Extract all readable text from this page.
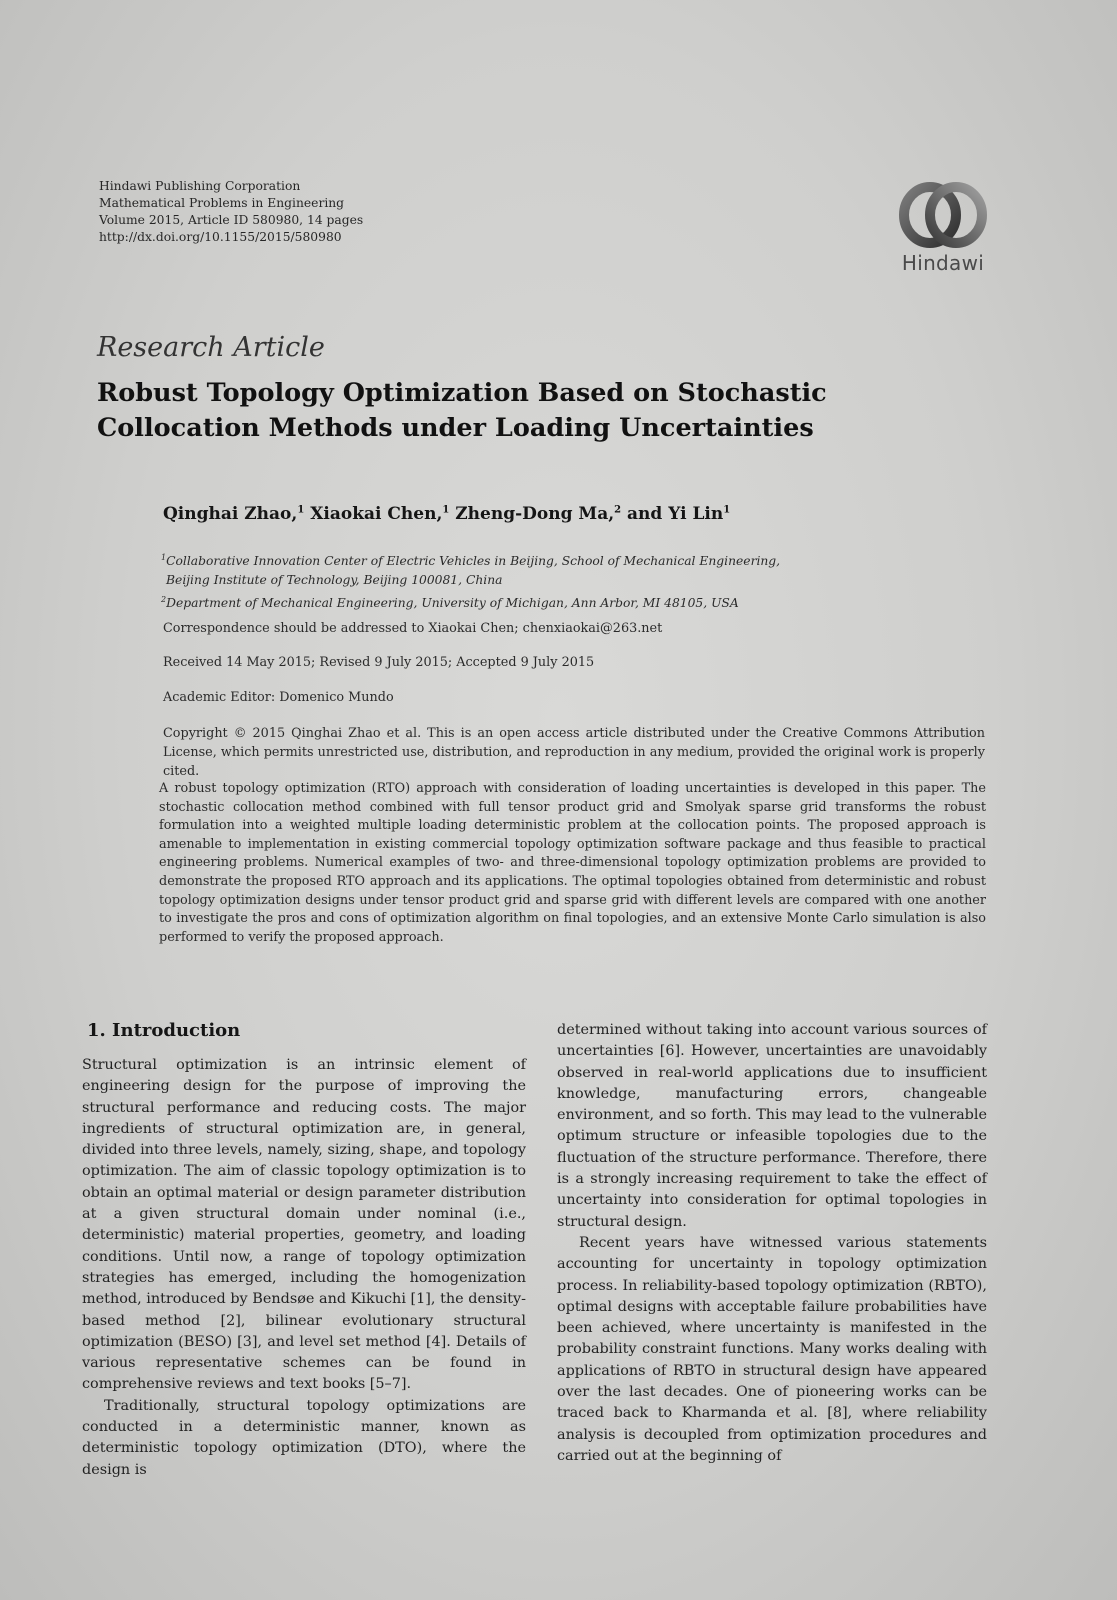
Hindawi Publishing Corporation
Mathematical Problems in Engineering
Volume 2015, Article ID 580980, 14 pages
http://dx.doi.org/10.1155/2015/580980
Hindawi
Research Article
Robust Topology Optimization Based on Stochastic Collocation Methods under Loading Uncertainties
Qinghai Zhao,$^1$ Xiaokai Chen,$^1$ Zheng-Dong Ma,$^2$ and Yi Lin$^1$
$^1$Collaborative Innovation Center of Electric Vehicles in Beijing, School of Mechanical Engineering,
Beijing Institute of Technology, Beijing 100081, China
$^2$Department of Mechanical Engineering, University of Michigan, Ann Arbor, MI 48105, USA
Correspondence should be addressed to Xiaokai Chen; chenxiaokai@263.net
Received 14 May 2015; Revised 9 July 2015; Accepted 9 July 2015
Academic Editor: Domenico Mundo
Copyright © 2015 Qinghai Zhao et al. This is an open access article distributed under the Creative Commons Attribution License, which permits unrestricted use, distribution, and reproduction in any medium, provided the original work is properly cited.
A robust topology optimization (RTO) approach with consideration of loading uncertainties is developed in this paper. The stochastic collocation method combined with full tensor product grid and Smolyak sparse grid transforms the robust formulation into a weighted multiple loading deterministic problem at the collocation points. The proposed approach is amenable to implementation in existing commercial topology optimization software package and thus feasible to practical engineering problems. Numerical examples of two- and three-dimensional topology optimization problems are provided to demonstrate the proposed RTO approach and its applications. The optimal topologies obtained from deterministic and robust topology optimization designs under tensor product grid and sparse grid with different levels are compared with one another to investigate the pros and cons of optimization algorithm on final topologies, and an extensive Monte Carlo simulation is also performed to verify the proposed approach.
1. Introduction

Structural optimization is an intrinsic element of engineering design for the purpose of improving the structural performance and reducing costs. The major ingredients of structural optimization are, in general, divided into three levels, namely, sizing, shape, and topology optimization. The aim of classic topology optimization is to obtain an optimal material or design parameter distribution at a given structural domain under nominal (i.e., deterministic) material properties, geometry, and loading conditions. Until now, a range of topology optimization strategies has emerged, including the homogenization method, introduced by Bendsøe and Kikuchi [1], the density-based method [2], bilinear evolutionary structural optimization (BESO) [3], and level set method [4]. Details of various representative schemes can be found in comprehensive reviews and text books [5–7].

Traditionally, structural topology optimizations are conducted in a deterministic manner, known as deterministic topology optimization (DTO), where the design is

determined without taking into account various sources of uncertainties [6]. However, uncertainties are unavoidably observed in real-world applications due to insufficient knowledge, manufacturing errors, changeable environment, and so forth. This may lead to the vulnerable optimum structure or infeasible topologies due to the fluctuation of the structure performance. Therefore, there is a strongly increasing requirement to take the effect of uncertainty into consideration for optimal topologies in structural design.

Recent years have witnessed various statements accounting for uncertainty in topology optimization process. In reliability-based topology optimization (RBTO), optimal designs with acceptable failure probabilities have been achieved, where uncertainty is manifested in the probability constraint functions. Many works dealing with applications of RBTO in structural design have appeared over the last decades. One of pioneering works can be traced back to Kharmanda et al. [8], where reliability analysis is decoupled from optimization procedures and carried out at the beginning of
